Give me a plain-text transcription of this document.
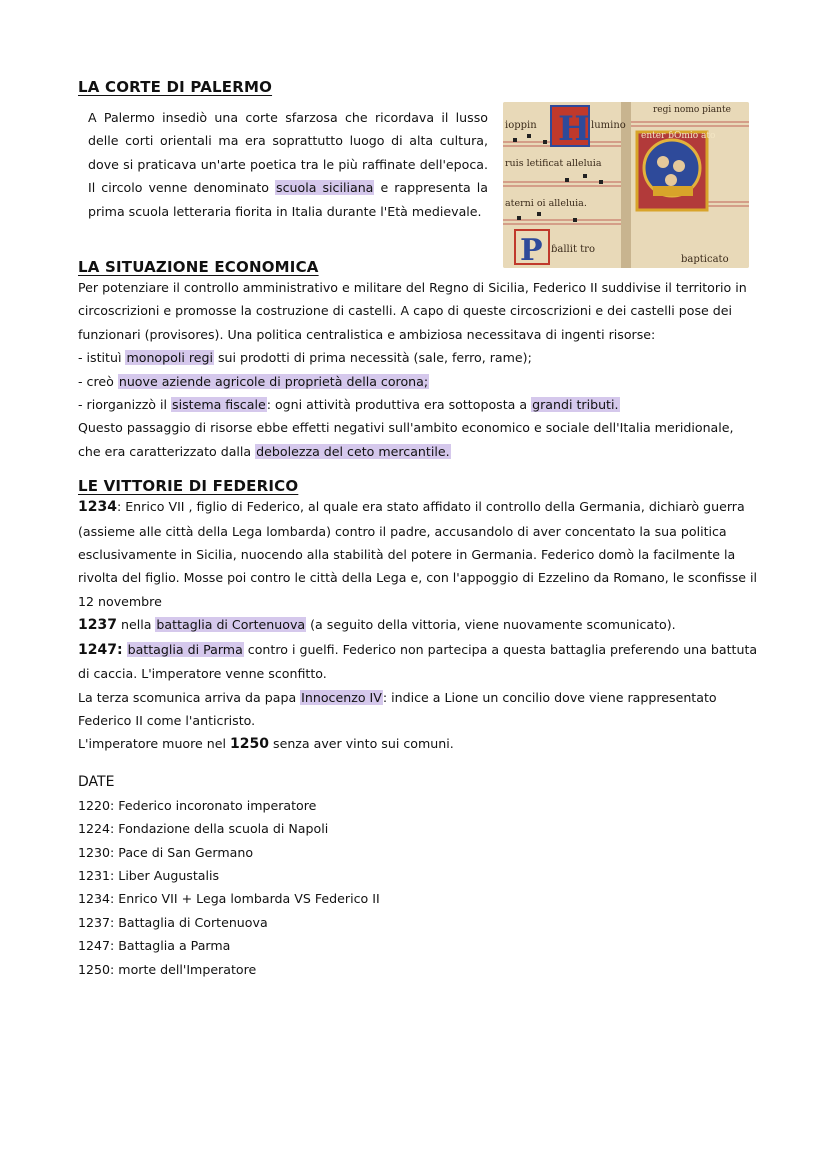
LA CORTE DI PALERMO

A Palermo insediò una corte sfarzosa che ricordava il lusso delle corti orientali ma era soprattutto luogo di alta cultura, dove si praticava un'arte poetica tra le più raffinate dell'epoca. Il circolo venne denominato scuola siciliana e rappresenta la prima scuola letteraria fiorita in Italia durante l'Età medievale.

H
P
ioppin	lumino
regi nomo piante
enter ɓOmio ato
ruis letificat alleluia
aterni oi alleluia.
ɓallit tro
bapticato
LA SITUAZIONE ECONOMICA

Per potenziare il controllo amministrativo e militare del Regno di Sicilia, Federico II suddivise il territorio in circoscrizioni e promosse la costruzione di castelli. A capo di queste circoscrizioni e dei castelli pose dei funzionari (provisores). Una politica centralistica e ambiziosa necessitava di ingenti risorse:

- istituì monopoli regi sui prodotti di prima necessità (sale, ferro, rame);
- creò nuove aziende agricole di proprietà della corona;
- riorganizzò il sistema fiscale: ogni attività produttiva era sottoposta a grandi tributi.

Questo passaggio di risorse ebbe effetti negativi sull'ambito economico e sociale dell'Italia meridionale, che era caratterizzato dalla debolezza del ceto mercantile.

LE VITTORIE DI FEDERICO

1234: Enrico VII , figlio di Federico, al quale era stato affidato il controllo della Germania, dichiarò guerra (assieme alle città della Lega lombarda) contro il padre, accusandolo di aver concentato la sua politica esclusivamente in Sicilia, nuocendo alla stabilità del potere in Germania. Federico domò la facilmente la rivolta del figlio. Mosse poi contro le città della Lega e, con l'appoggio di Ezzelino da Romano, le sconfisse il 12 novembre

1237 nella battaglia di Cortenuova (a seguito della vittoria, viene nuovamente scomunicato).

1247: battaglia di Parma contro i guelfi. Federico non partecipa a questa battaglia preferendo una battuta di caccia. L'imperatore venne sconfitto.

La terza scomunica arriva da papa Innocenzo IV: indice a Lione un concilio dove viene rappresentato Federico II come l'anticristo.

L'imperatore muore nel 1250 senza aver vinto sui comuni.

DATE
1220: Federico incoronato imperatore
1224: Fondazione della scuola di Napoli
1230: Pace di San Germano
1231: Liber Augustalis
1234: Enrico VII + Lega lombarda VS Federico II
1237: Battaglia di Cortenuova
1247: Battaglia a Parma
1250: morte dell'Imperatore
